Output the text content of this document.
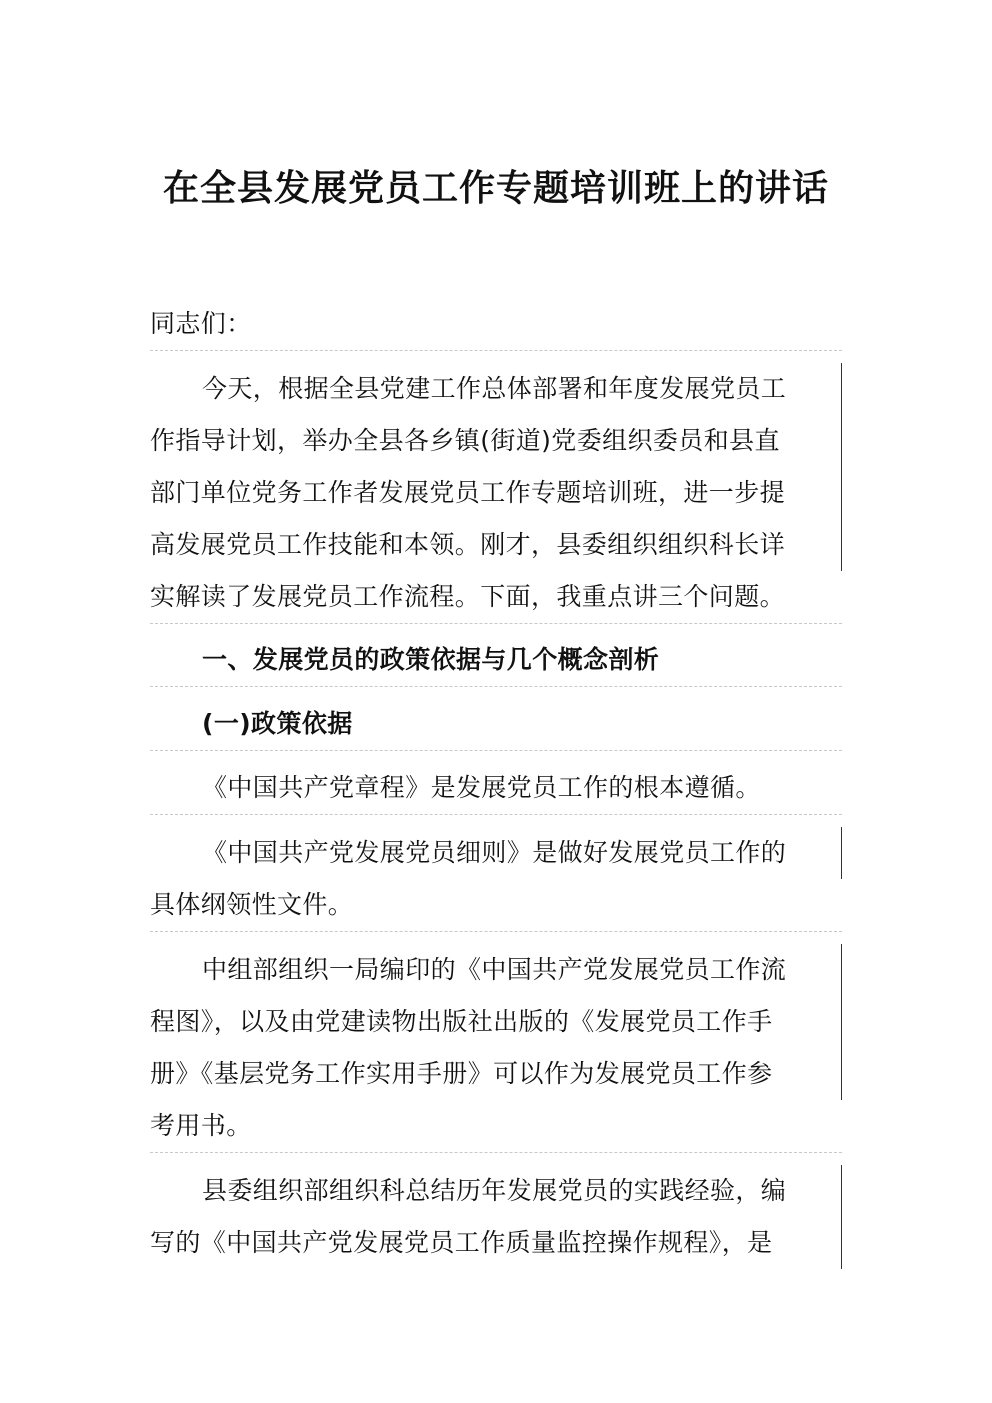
在全县发展党员工作专题培训班上的讲话
同志们：
今天，根据全县党建工作总体部署和年度发展党员工
作指导计划，举办全县各乡镇(街道)党委组织委员和县直
部门单位党务工作者发展党员工作专题培训班，进一步提
高发展党员工作技能和本领。刚才，县委组织组织科长详
实解读了发展党员工作流程。下面，我重点讲三个问题。
一、发展党员的政策依据与几个概念剖析
(一)政策依据
《中国共产党章程》是发展党员工作的根本遵循。
《中国共产党发展党员细则》是做好发展党员工作的
具体纲领性文件。
中组部组织一局编印的《中国共产党发展党员工作流
程图》，以及由党建读物出版社出版的《发展党员工作手
册》《基层党务工作实用手册》可以作为发展党员工作参
考用书。
县委组织部组织科总结历年发展党员的实践经验，编
写的《中国共产党发展党员工作质量监控操作规程》，是
